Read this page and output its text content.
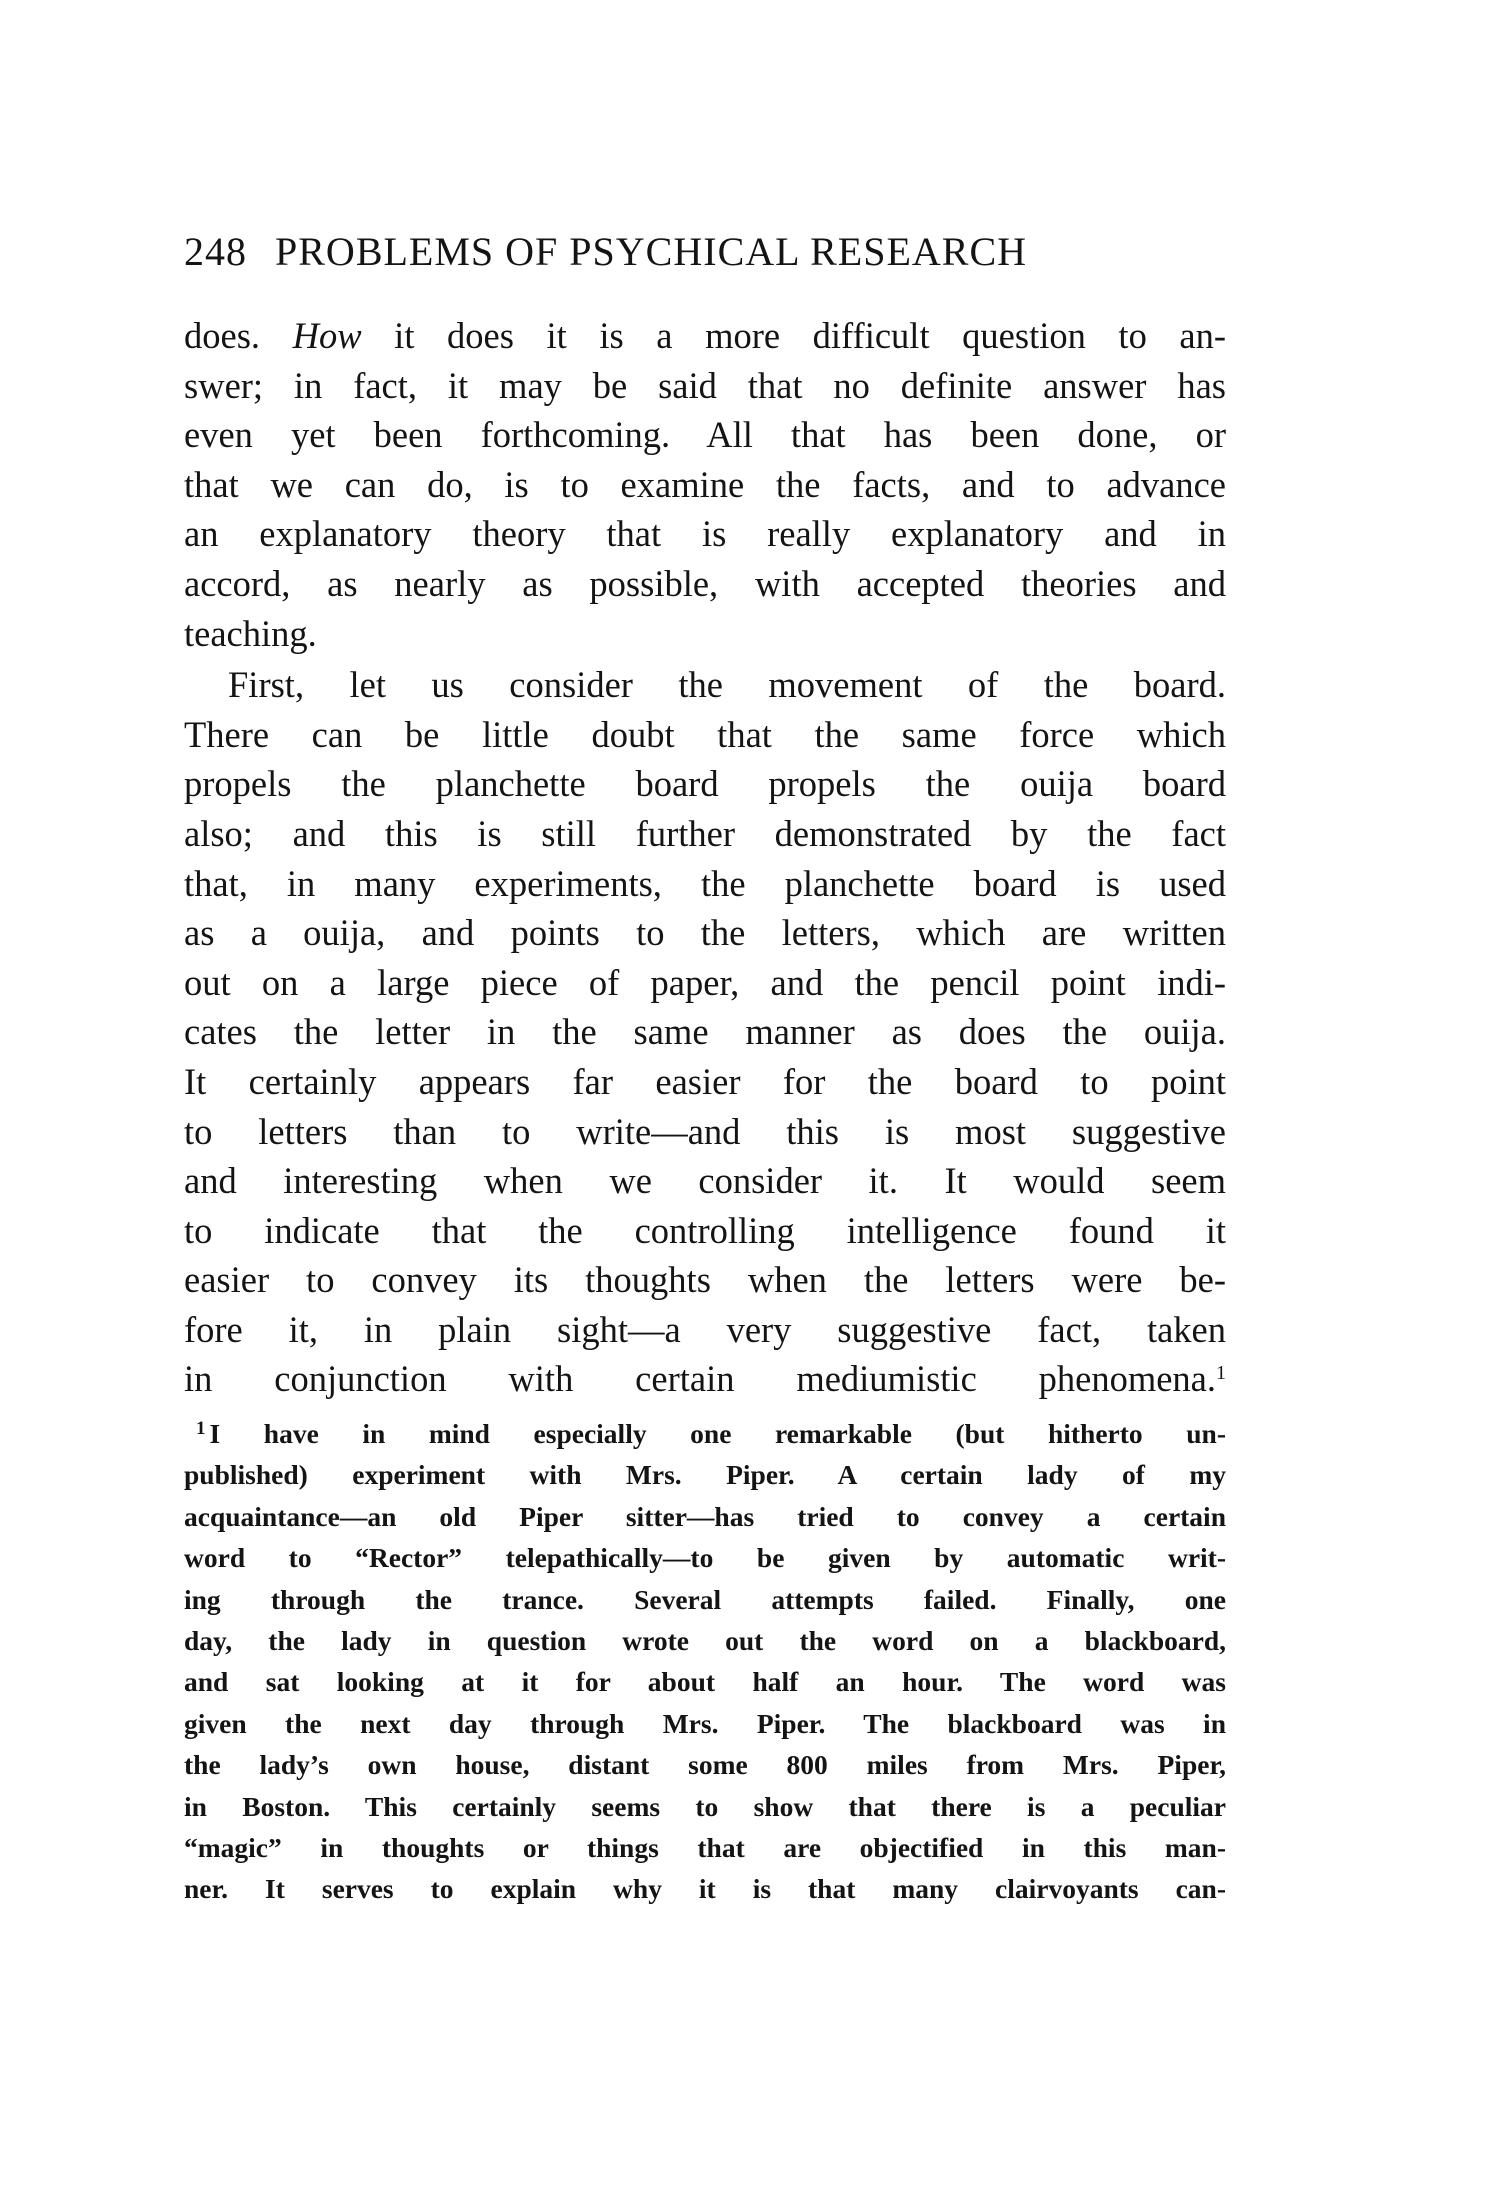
248 PROBLEMS OF PSYCHICAL RESEARCH
does. How it does it is a more difficult question to an-
swer; in fact, it may be said that no definite answer has
even yet been forthcoming. All that has been done, or
that we can do, is to examine the facts, and to advance
an explanatory theory that is really explanatory and in
accord, as nearly as possible, with accepted theories and
teaching.
First, let us consider the movement of the board.
There can be little doubt that the same force which
propels the planchette board propels the ouija board
also; and this is still further demonstrated by the fact
that, in many experiments, the planchette board is used
as a ouija, and points to the letters, which are written
out on a large piece of paper, and the pencil point indi-
cates the letter in the same manner as does the ouija.
It certainly appears far easier for the board to point
to letters than to write—and this is most suggestive
and interesting when we consider it. It would seem
to indicate that the controlling intelligence found it
easier to convey its thoughts when the letters were be-
fore it, in plain sight—a very suggestive fact, taken
in conjunction with certain mediumistic phenomena.$^1$
$^1$ I have in mind especially one remarkable (but hitherto un-
published) experiment with Mrs. Piper. A certain lady of my
acquaintance—an old Piper sitter—has tried to convey a certain
word to “Rector” telepathically—to be given by automatic writ-
ing through the trance. Several attempts failed. Finally, one
day, the lady in question wrote out the word on a blackboard,
and sat looking at it for about half an hour. The word was
given the next day through Mrs. Piper. The blackboard was in
the lady’s own house, distant some 800 miles from Mrs. Piper,
in Boston. This certainly seems to show that there is a peculiar
“magic” in thoughts or things that are objectified in this man-
ner. It serves to explain why it is that many clairvoyants can-
